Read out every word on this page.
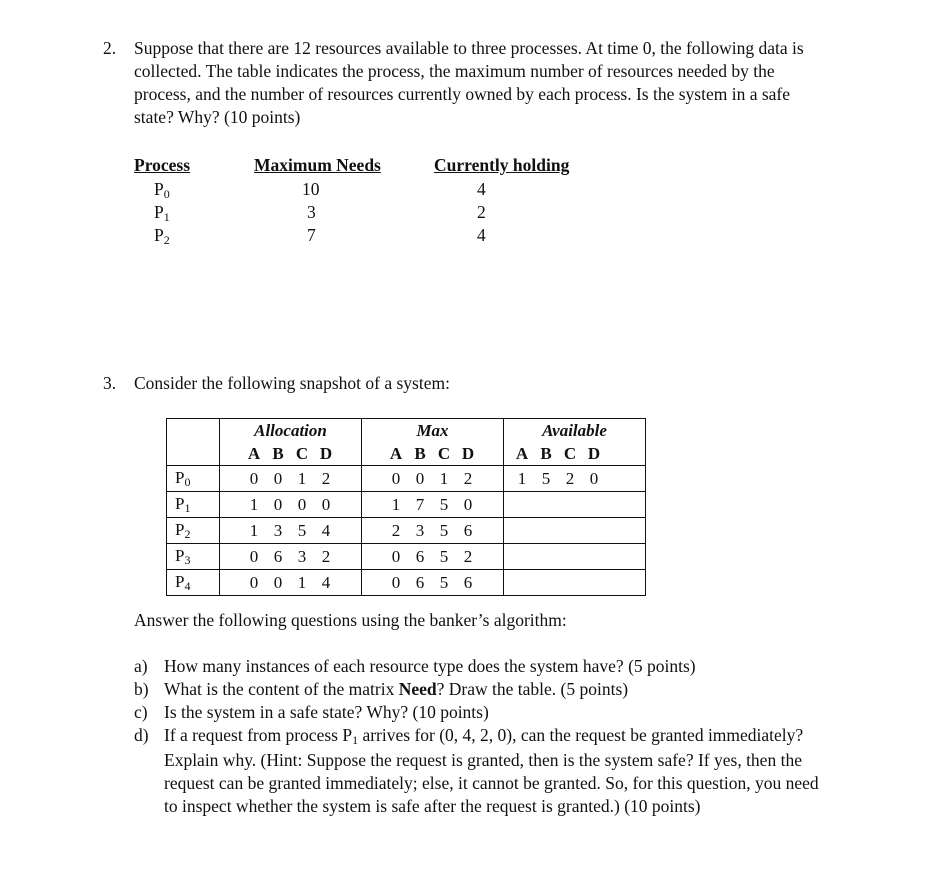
2. Suppose that there are 12 resources available to three processes. At time 0, the following data is
collected. The table indicates the process, the maximum number of resources needed by the
process, and the number of resources currently owned by each process. Is the system in a safe
state? Why? (10 points)
Process	Maximum Needs	Currently holding
P0	10	4
P1	3	2
P2	7	4
3. Consider the following snapshot of a system:
	Allocation	Max	Available

	A B C D	A B C D	A B C D

P0	0 0 1 2	0 0 1 2	1 5 2 0

P1	1 0 0 0	1 7 5 0	

P2	1 3 5 4	2 3 5 6	

P3	0 6 3 2	0 6 5 2	

P4	0 0 1 4	0 6 5 6	

Answer the following questions using the banker’s algorithm:
a) How many instances of each resource type does the system have? (5 points)
b) What is the content of the matrix Need? Draw the table. (5 points)
c) Is the system in a safe state? Why? (10 points)
d) If a request from process P1 arrives for (0, 4, 2, 0), can the request be granted immediately?
Explain why. (Hint: Suppose the request is granted, then is the system safe? If yes, then the
request can be granted immediately; else, it cannot be granted. So, for this question, you need
to inspect whether the system is safe after the request is granted.) (10 points)
